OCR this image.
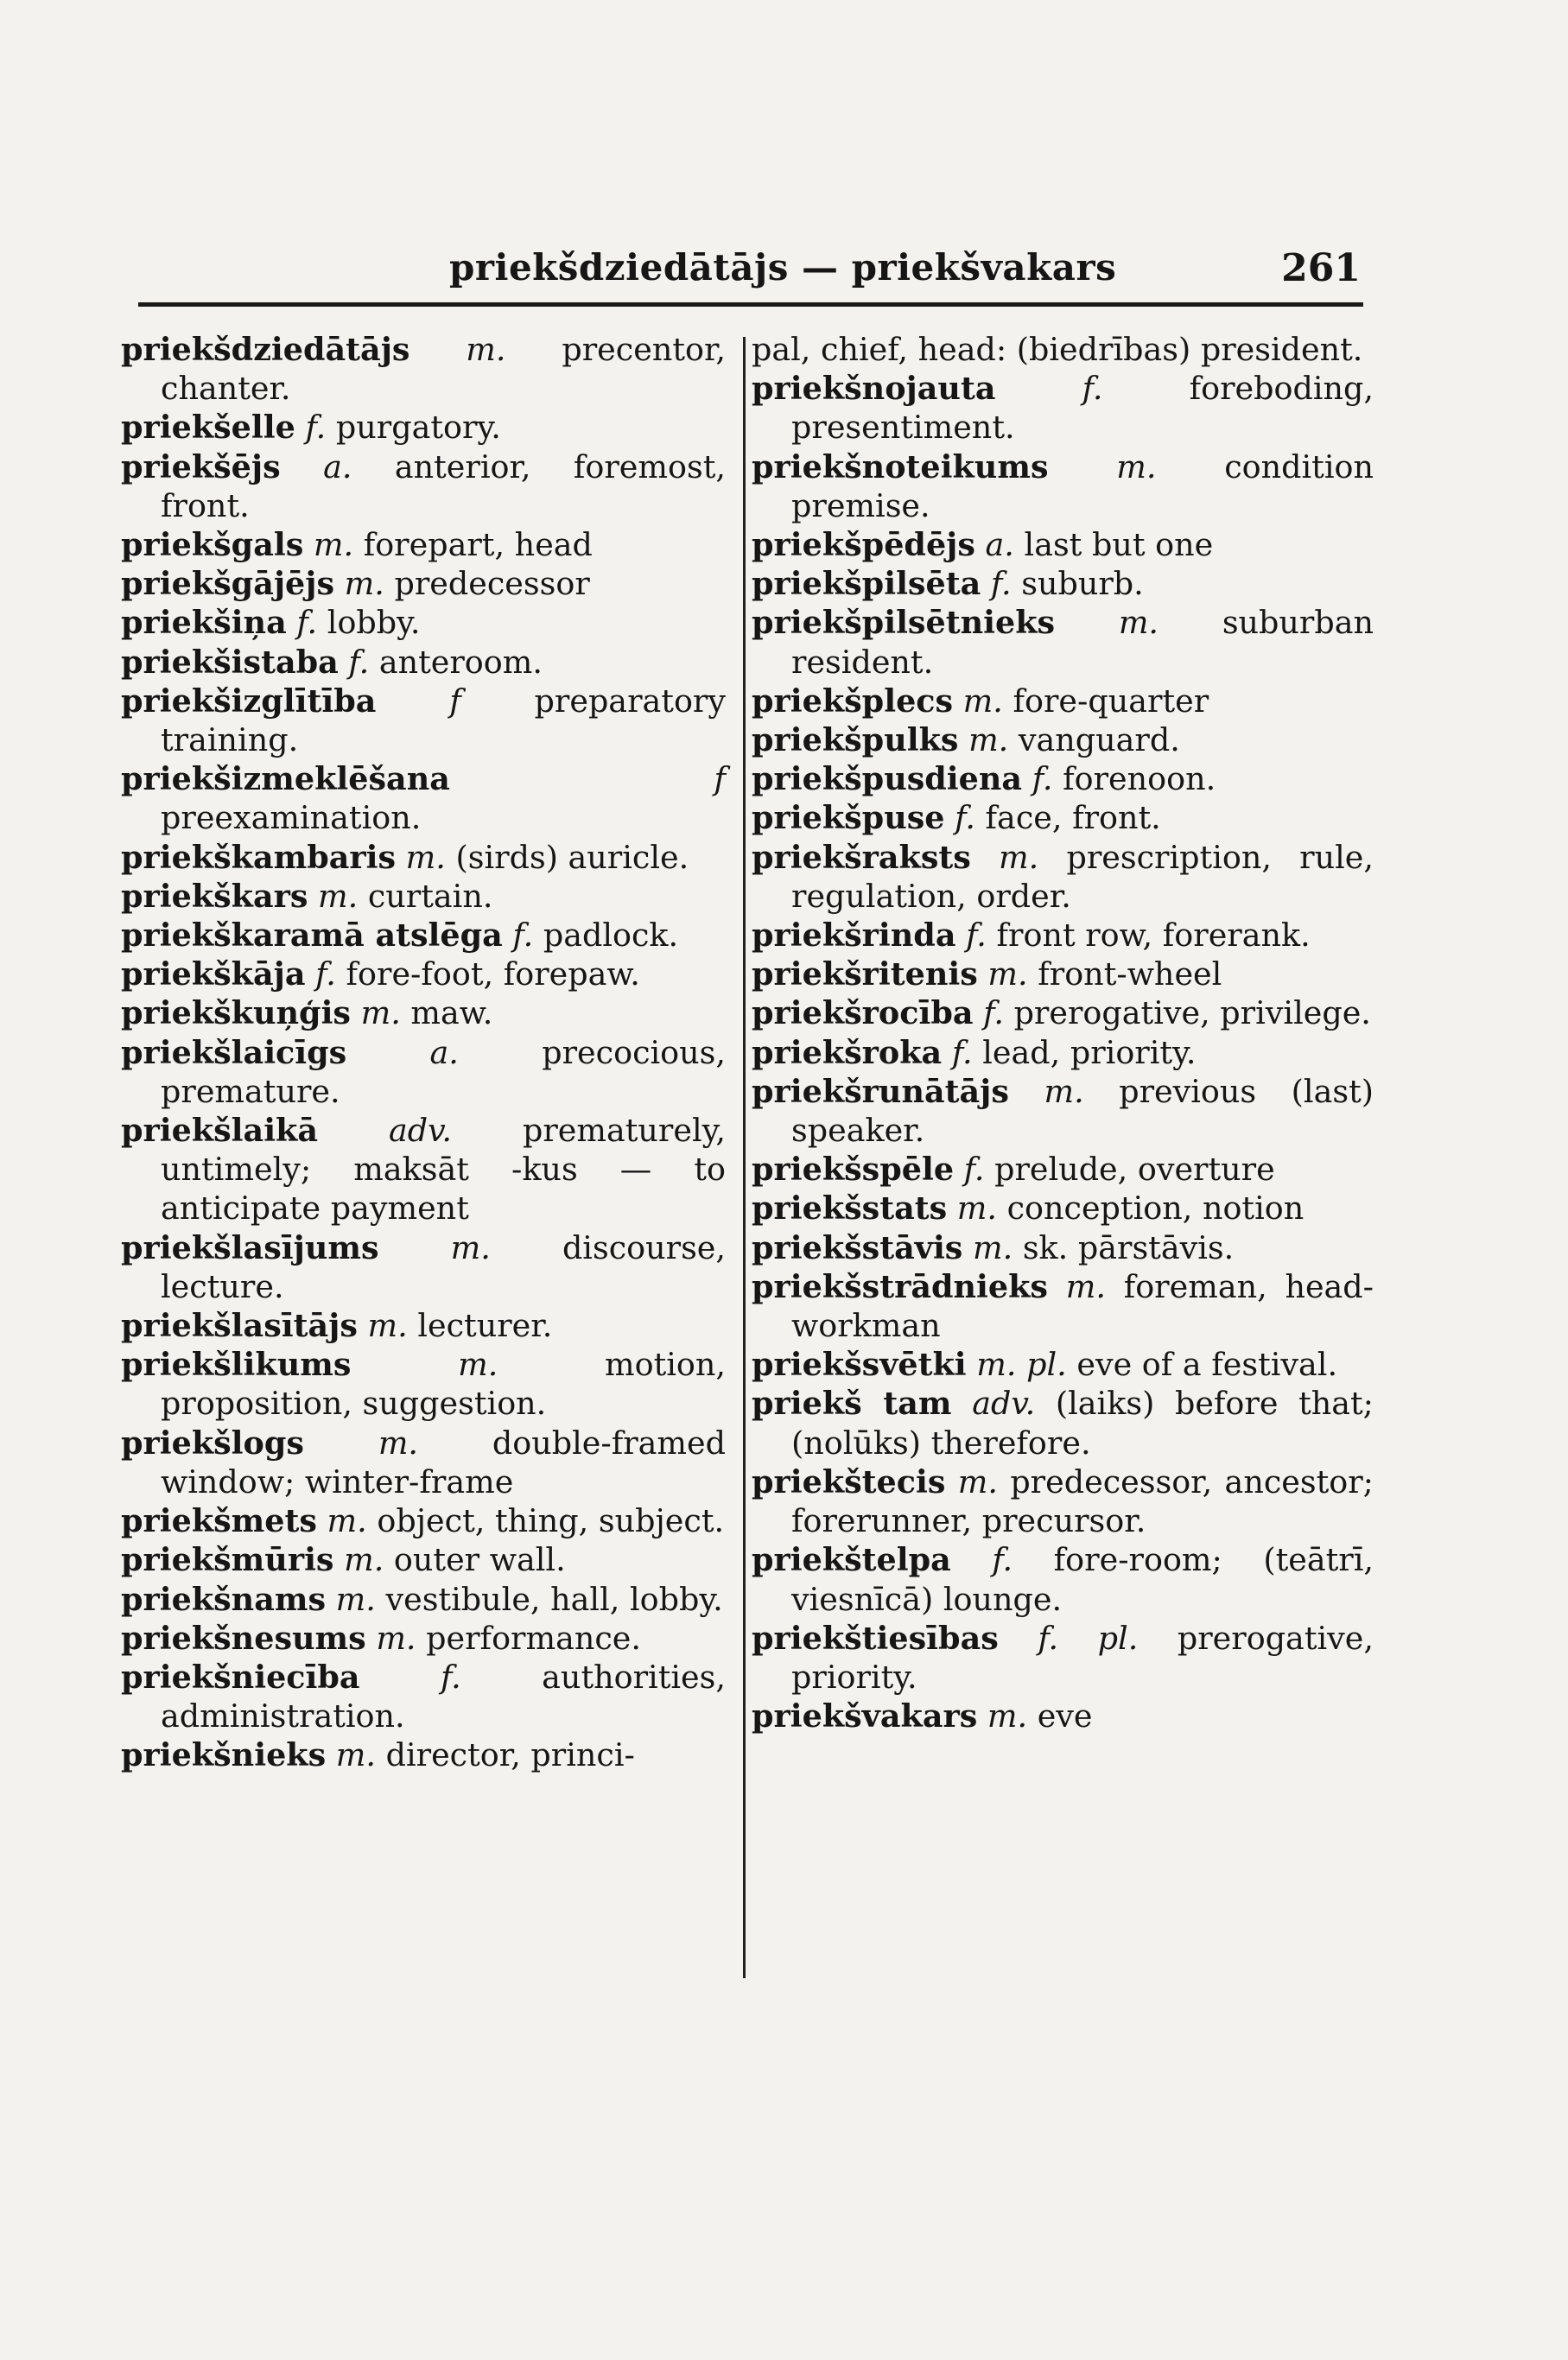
priekšdziedātājs — priekšvakars	261

priekšdziedātājs m. precentor, chanter.

priekšelle f. purgatory.

priekšējs a. anterior, foremost, front.

priekšgals m. forepart, head

priekšgājējs m. predecessor

priekšiņa f. lobby.

priekšistaba f. anteroom.

priekšizglītība f preparatory training.

priekšizmeklēšana	f preexamination.

priekškambaris m. (sirds) auricle.

priekškars m. curtain.

priekškaramā atslēga f. padlock.

priekškāja f. fore-foot, forepaw.

priekškuņģis m. maw.

priekšlaicīgs	a.	precocious, premature.

priekšlaikā adv. prematurely, untimely; maksāt -kus — to anticipate payment

priekšlasījums m. discourse, lecture.

priekšlasītājs m. lecturer.

priekšlikums	m.	motion, proposition, suggestion.

priekšlogs m. double-framed window; winter-frame

priekšmets m. object, thing, subject.

priekšmūris m. outer wall.

priekšnams m. vestibule, hall, lobby.

priekšnesums m. performance.

priekšniecība	f.	authorities, administration.

priekšnieks m. director, princi-

pal, chief, head: (biedrības) president.

priekšnojauta	f.	foreboding, presentiment.

priekšnoteikums m. condition premise.

priekšpēdējs a. last but one

priekšpilsēta f. suburb.

priekšpilsētnieks m. suburban resident.

priekšplecs m. fore-quarter

priekšpulks m. vanguard.

priekšpusdiena f. forenoon.

priekšpuse f. face, front.

priekšraksts m. prescription, rule, regulation, order.

priekšrinda f. front row, forerank.

priekšritenis m. front-wheel

priekšrocība f. prerogative, privilege.

priekšroka f. lead, priority.

priekšrunātājs m. previous (last) speaker.

priekšspēle f. prelude, overture

priekšstats m. conception, notion

priekšstāvis m. sk. pārstāvis.

priekšstrādnieks m. foreman, head-workman

priekšsvētki m. pl. eve of a festival.

priekš tam adv. (laiks) before that; (nolūks) therefore.

priekštecis m. predecessor, ancestor; forerunner, precursor.

priekštelpa f. fore-room; (teātrī, viesnīcā) lounge.

priekštiesības f. pl. prerogative, priority.

priekšvakars m. eve
